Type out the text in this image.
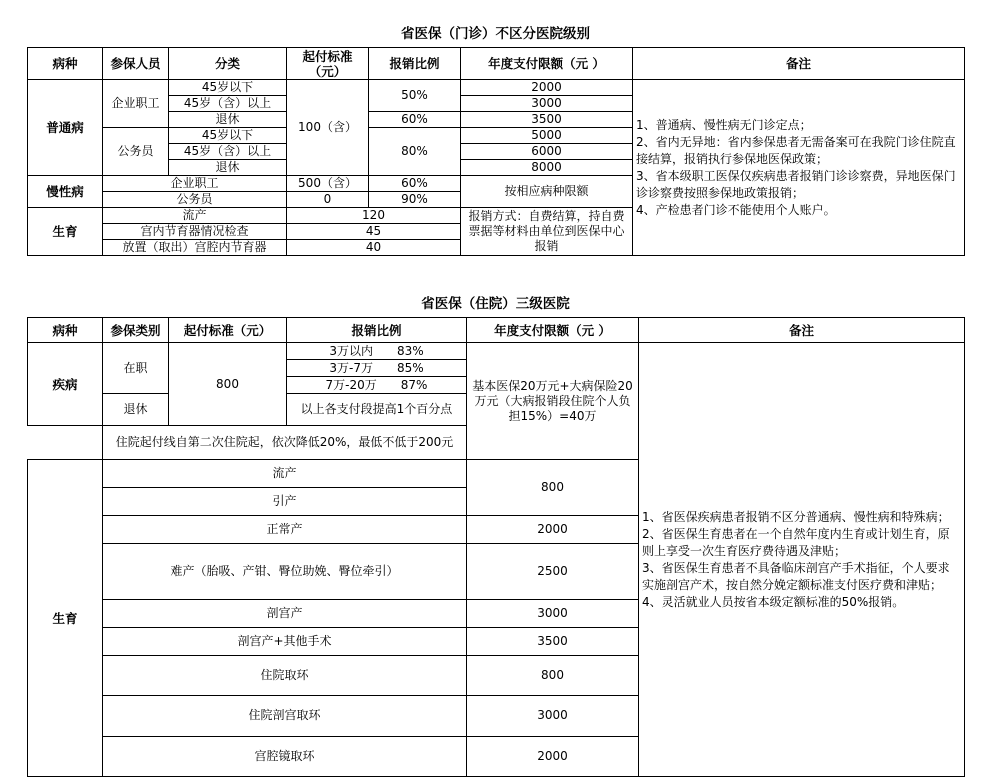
省医保（门诊）不区分医院级别
病种	参保人员	分类	起付标准（元）	报销比例	年度支付限额（元 ）	备注
普通病	企业职工	45岁以下	100（含）	50%	2000	1、普通病、慢性病无门诊定点；
2、省内无异地：省内参保患者无需备案可在我院门诊住院直接结算，报销执行参保地医保政策；
3、省本级职工医保仅疾病患者报销门诊诊察费，异地医保门诊诊察费按照参保地政策报销；
4、产检患者门诊不能使用个人账户。

		45岁（含）以上			3000	
		退休		60%	3500	
	公务员	45岁以下		80%	5000	
		45岁（含）以上			6000	
		退休			8000	
慢性病	企业职工		500（含）	60%	按相应病种限额	
	公务员		0	90%		
生育	流产		120		报销方式：自费结算，持自费票据等材料由单位到医保中心报销	
	宫内节育器情况检查		45			
	放置（取出）宫腔内节育器		40			
省医保（住院）三级医院
病种	参保类别	起付标准（元）	报销比例	年度支付限额（元 ）	备注	
疾病	在职	800	3万以内　　83%	基本医保20万元+大病保险20万元（大病报销段住院个人负担15%）=40万	1、省医保疾病患者报销不区分普通病、慢性病和特殊病；
2、省医保生育患者在一个自然年度内生育或计划生育，原则上享受一次生育医疗费待遇及津贴；
3、省医保生育患者不具备临床剖宫产手术指征，个人要求实施剖宫产术，按自然分娩定额标准支付医疗费和津贴；
4、灵活就业人员按省本级定额标准的50%报销。	

			3万-7万　　85%			
			7万-20万　　87%			
	退休		以上各支付段提高1个百分点			
	住院起付线自第二次住院起，依次降低20%，最低不低于200元					
生育	流产			800	
	引产					
	正常产			2000		
	难产（胎吸、产钳、臀位助娩、臀位牵引）			2500		
	剖宫产			3000		
	剖宫产+其他手术			3500		
	住院取环			800	
	住院剖宫取环			3000		
	宫腔镜取环			2000		
